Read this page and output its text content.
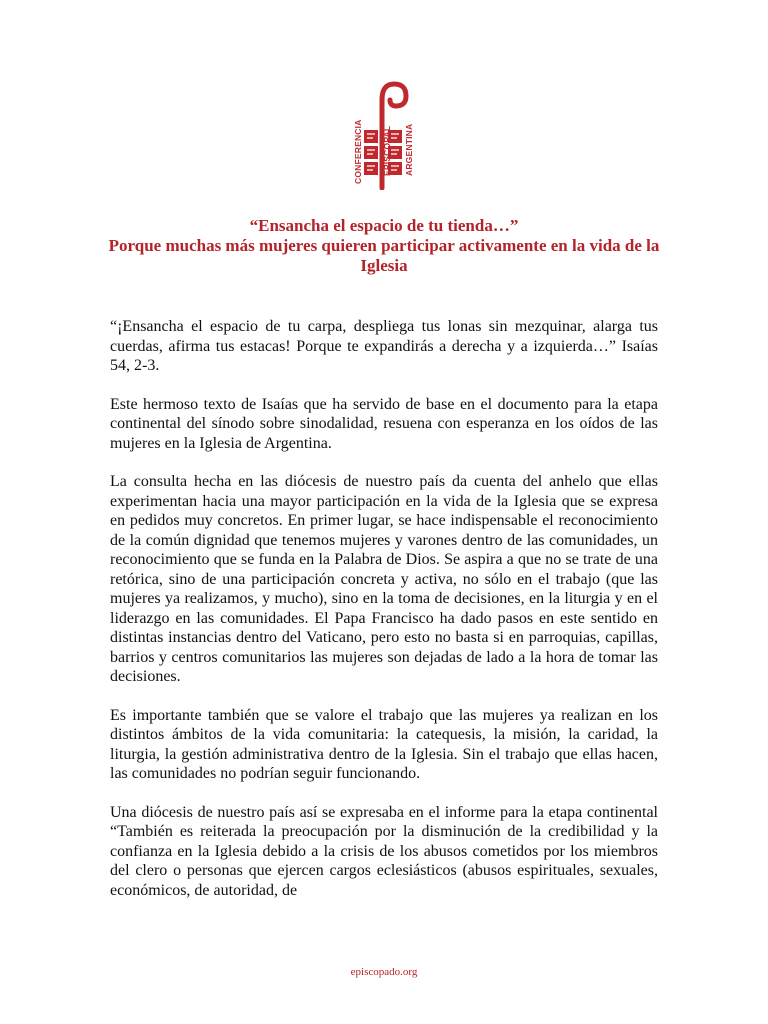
CONFERENCIA EPISCOPAL ARGENTINA
“Ensancha el espacio de tu tienda…”
Porque muchas más mujeres quieren participar activamente en la vida de la Iglesia

“¡Ensancha el espacio de tu carpa, despliega tus lonas sin mezquinar, alarga tus cuerdas, afirma tus estacas! Porque te expandirás a derecha y a izquierda…” Isaías 54, 2-3.

Este hermoso texto de Isaías que ha servido de base en el documento para la etapa continental del sínodo sobre sinodalidad, resuena con esperanza en los oídos de las mujeres en la Iglesia de Argentina.

La consulta hecha en las diócesis de nuestro país da cuenta del anhelo que ellas experimentan hacia una mayor participación en la vida de la Iglesia que se expresa en pedidos muy concretos. En primer lugar, se hace indispensable el reconocimiento de la común dignidad que tenemos mujeres y varones dentro de las comunidades, un reconocimiento que se funda en la Palabra de Dios. Se aspira a que no se trate de una retórica, sino de una participación concreta y activa, no sólo en el trabajo (que las mujeres ya realizamos, y mucho), sino en la toma de decisiones, en la liturgia y en el liderazgo en las comunidades. El Papa Francisco ha dado pasos en este sentido en distintas instancias dentro del Vaticano, pero esto no basta si en parroquias, capillas, barrios y centros comunitarios las mujeres son dejadas de lado a la hora de tomar las decisiones.

Es importante también que se valore el trabajo que las mujeres ya realizan en los distintos ámbitos de la vida comunitaria: la catequesis, la misión, la caridad, la liturgia, la gestión administrativa dentro de la Iglesia. Sin el trabajo que ellas hacen, las comunidades no podrían seguir funcionando.

Una diócesis de nuestro país así se expresaba en el informe para la etapa continental “También es reiterada la preocupación por la disminución de la credibilidad y la confianza en la Iglesia debido a la crisis de los abusos cometidos por los miembros del clero o personas que ejercen cargos eclesiásticos (abusos espirituales, sexuales, económicos, de autoridad, de

episcopado.org
